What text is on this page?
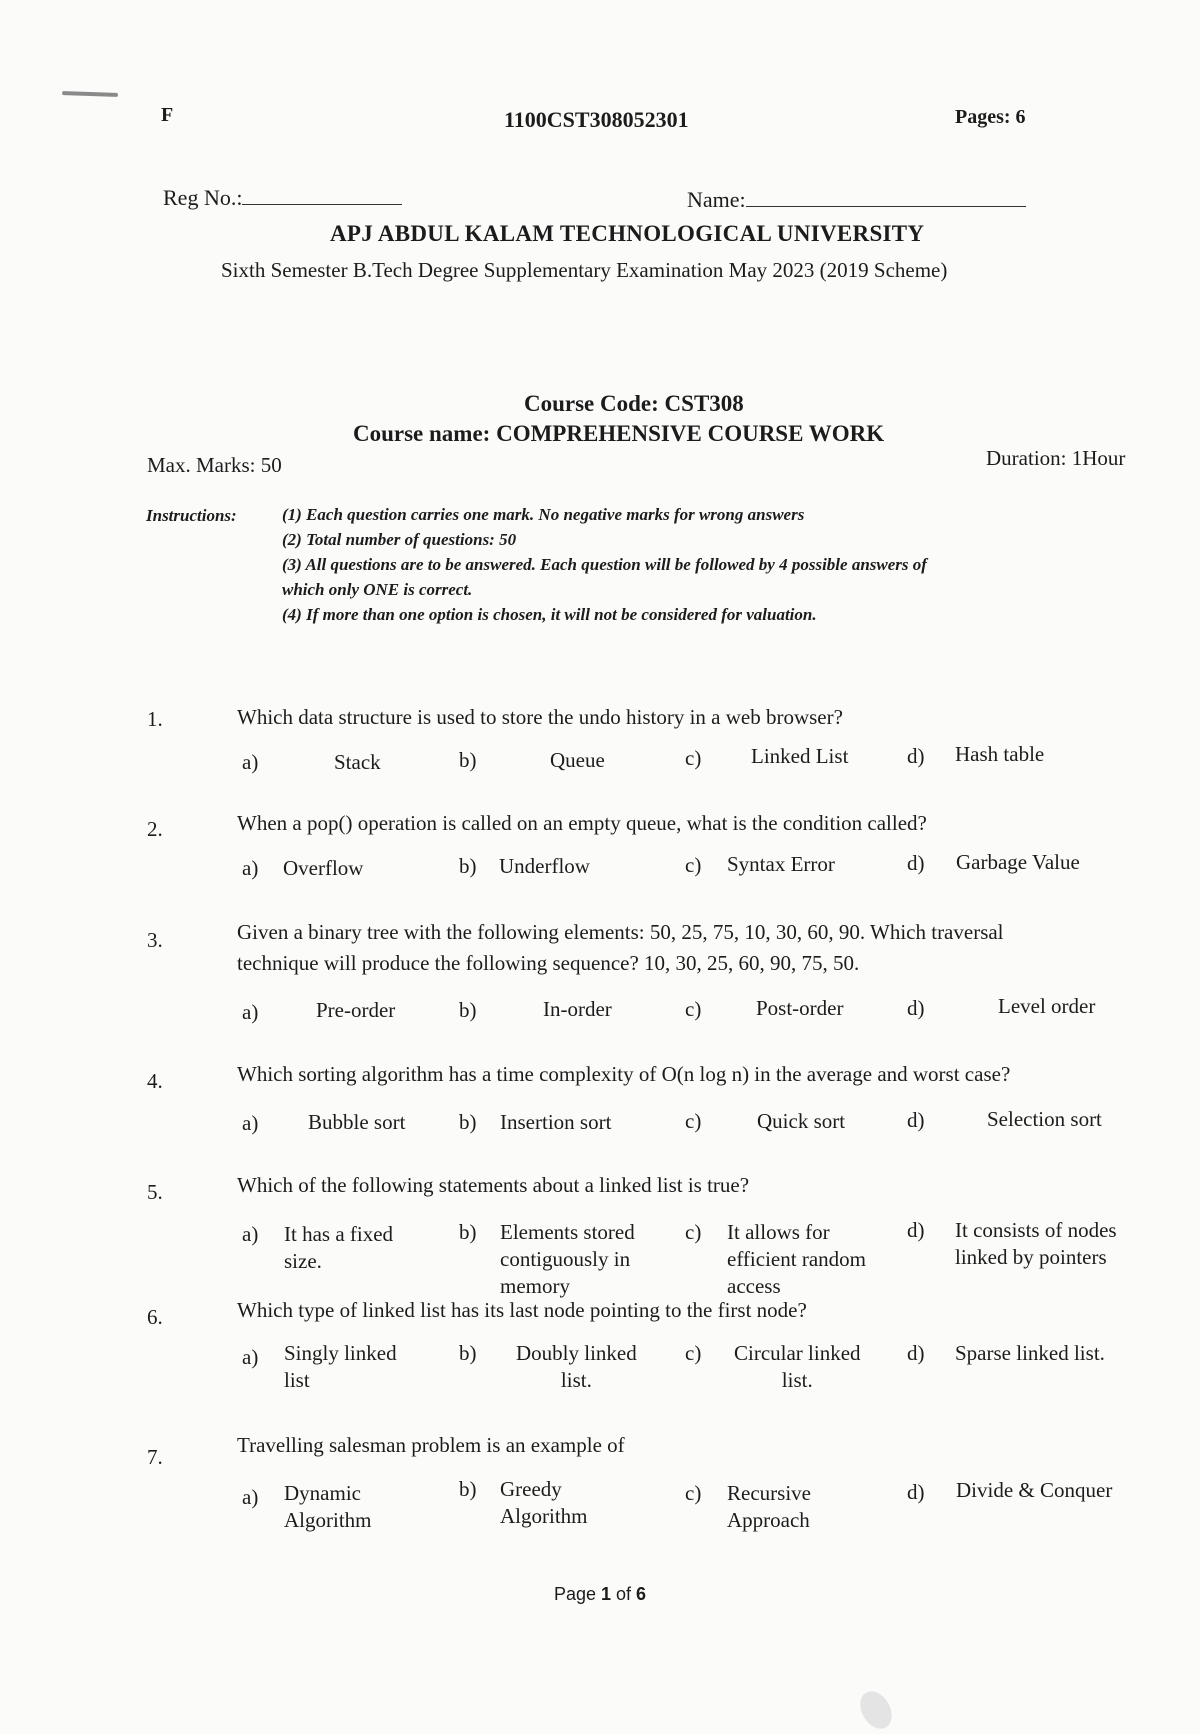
F	1100CST308052301	Pages: 6
Reg No.:	Name:
APJ ABDUL KALAM TECHNOLOGICAL UNIVERSITY
Sixth Semester B.Tech Degree Supplementary Examination May 2023 (2019 Scheme)
Course Code: CST308
Course name: COMPREHENSIVE COURSE WORK
Max. Marks: 50	Duration: 1Hour
Instructions:	(1) Each question carries one mark. No negative marks for wrong answers
(2) Total number of questions: 50
(3) All questions are to be answered. Each question will be followed by 4 possible answers of
which only ONE is correct.
(4) If more than one option is chosen, it will not be considered for valuation.
1.	Which data structure is used to store the undo history in a web browser?
a)	Stack	b)	Queue	c) Linked List	d) Hash table
2.	When a pop() operation is called on an empty queue, what is the condition called?
a) Overflow	b) Underflow	c) Syntax Error	d) Garbage Value
3.	Given a binary tree with the following elements: 50, 25, 75, 10, 30, 60, 90. Which traversal
technique will produce the following sequence? 10, 30, 25, 60, 90, 75, 50.
a)	Pre-order	b)	In-order	c)	Post-order	d)	Level order
4.	Which sorting algorithm has a time complexity of O(n log n) in the average and worst case?
a) Bubble sort	b) Insertion sort	c)	Quick sort	d)	Selection sort
5.	Which of the following statements about a linked list is true?
a) It has a fixed
size.
b) Elements stored
contiguously in
memory
c) It allows for
efficient random
access
d) It consists of nodes
linked by pointers
6.	Which type of linked list has its last node pointing to the first node?
a) Singly linked
list
b) Doubly linked
list.
c) Circular linked
list.
d) Sparse linked list.
7.	Travelling salesman problem is an example of
a) Dynamic
Algorithm
b) Greedy
Algorithm
c) Recursive
Approach
d) Divide & Conquer
Page 1 of 6
